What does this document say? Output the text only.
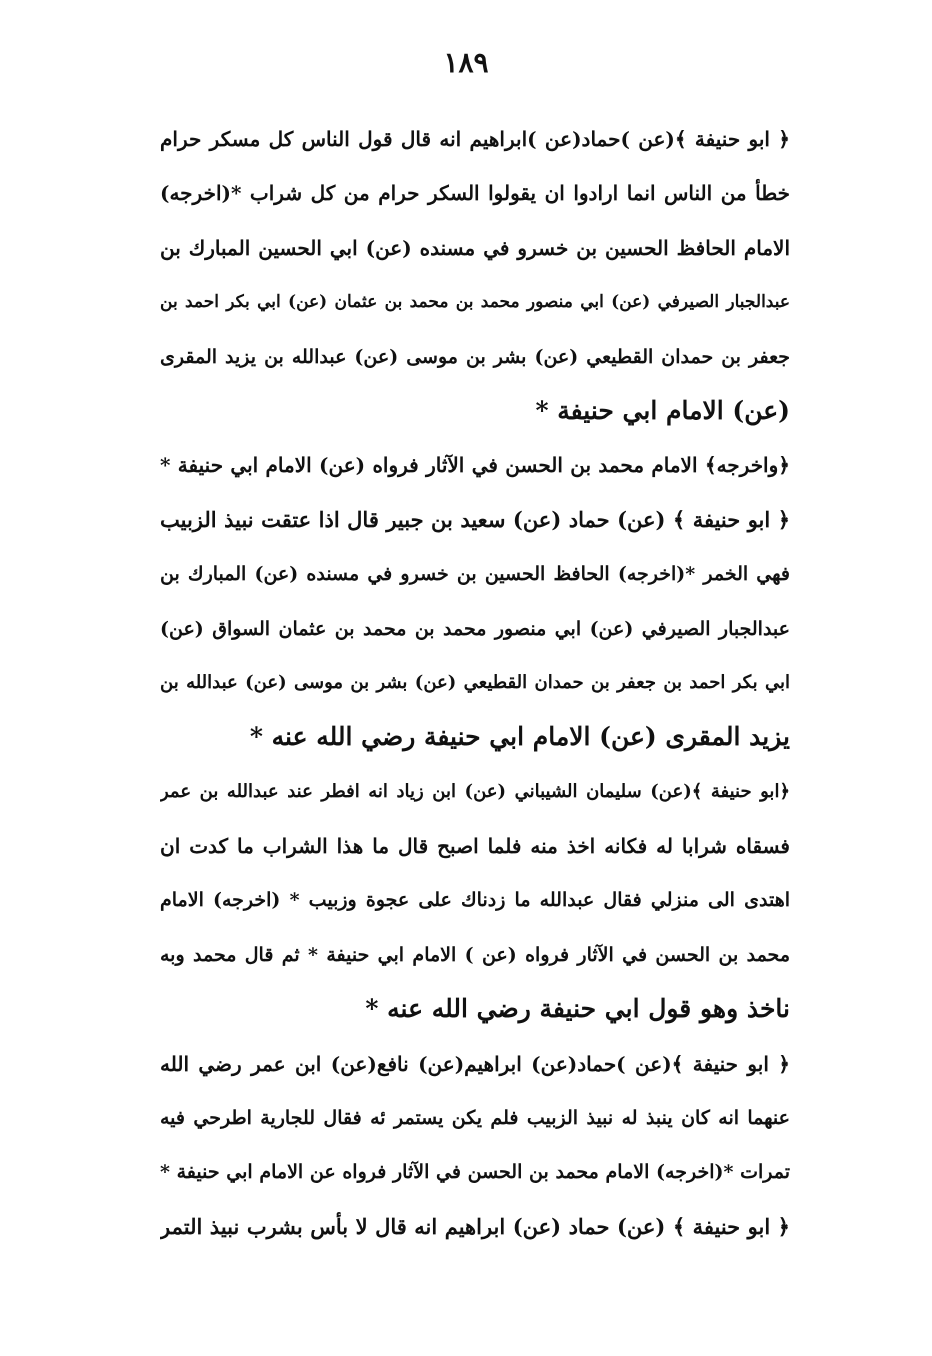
١٨٩
﴿ ابو حنيفة ﴾(عن )حماد(عن )ابراهيم انه قال قول الناس كل مسكر حرام
خطأ من الناس انما ارادوا ان يقولوا السكر حرام من كل شراب *(اخرجه)
الامام الحافظ الحسين بن خسرو في مسنده (عن) ابي الحسين المبارك بن
عبدالجبار الصيرفي (عن) ابي منصور محمد بن محمد بن عثمان (عن) ابي بكر احمد بن
جعفر بن حمدان القطيعي (عن) بشر بن موسى (عن) عبدالله بن يزيد المقرى
(عن) الامام ابي حنيفة *
﴿واخرجه﴾ الامام محمد بن الحسن في الآثار فرواه (عن) الامام ابي حنيفة *
﴿ ابو حنيفة ﴾ (عن) حماد (عن) سعيد بن جبير قال اذا عتقت نبيذ الزبيب
فهي الخمر *(اخرجه) الحافظ الحسين بن خسرو في مسنده (عن) المبارك بن
عبدالجبار الصيرفي (عن) ابي منصور محمد بن محمد بن عثمان السواق (عن)
ابي بكر احمد بن جعفر بن حمدان القطيعي (عن) بشر بن موسى (عن) عبدالله بن
يزيد المقرى (عن) الامام ابي حنيفة رضي الله عنه *
﴿ابو حنيفة ﴾(عن) سليمان الشيباني (عن) ابن زياد انه افطر عند عبدالله بن عمر
فسقاه شرابا له فكانه اخذ منه فلما اصبح قال ما هذا الشراب ما كدت ان
اهتدى الى منزلي فقال عبدالله ما زدناك على عجوة وزبيب * (اخرجه) الامام
محمد بن الحسن في الآثار فرواه (عن ) الامام ابي حنيفة * ثم قال محمد وبه
ناخذ وهو قول ابي حنيفة رضي الله عنه *
﴿ ابو حنيفة ﴾(عن )حماد(عن) ابراهيم(عن) نافع(عن) ابن عمر رضي الله
عنهما انه كان ينبذ له نبيذ الزبيب فلم يكن يستمر ئه فقال للجارية اطرحي فيه
تمرات *(اخرجه) الامام محمد بن الحسن في الآثار فرواه عن الامام ابي حنيفة *
﴿ ابو حنيفة ﴾ (عن) حماد (عن) ابراهيم انه قال لا بأس بشرب نبيذ التمر
